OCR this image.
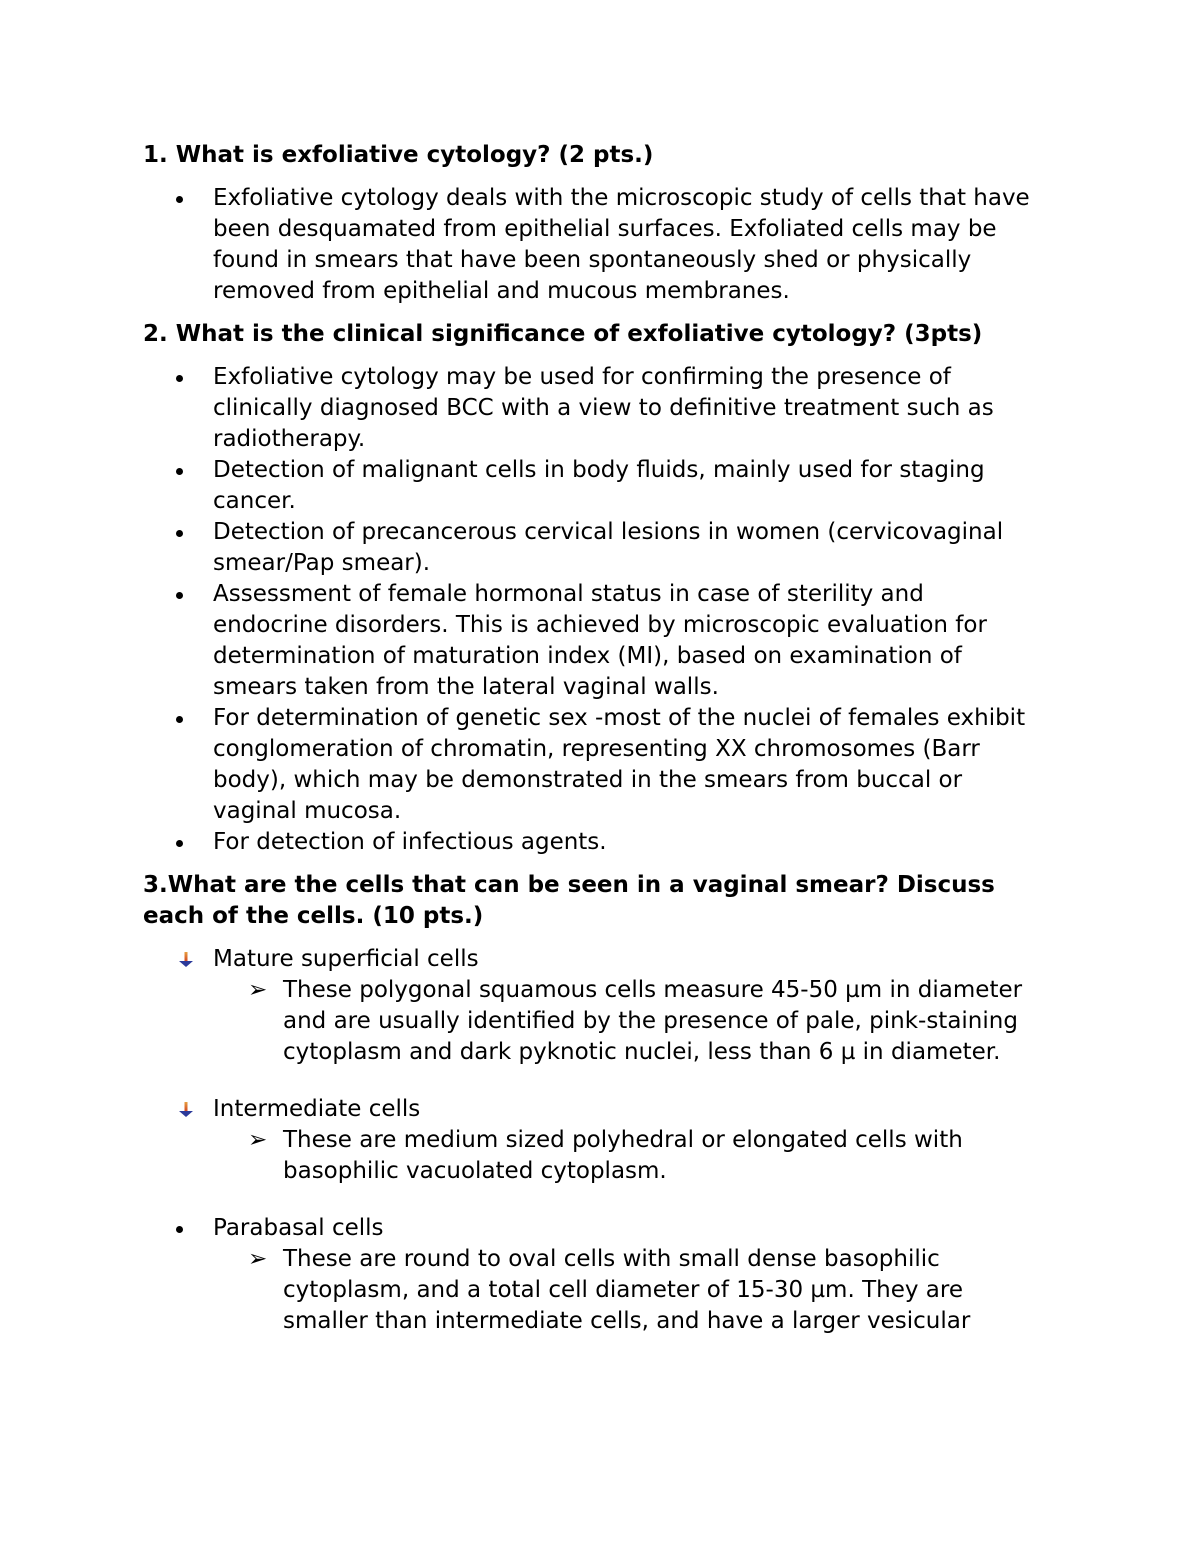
1. What is exfoliative cytology? (2 pts.)

Exfoliative cytology deals with the microscopic study of cells that have
been desquamated from epithelial surfaces. Exfoliated cells may be
found in smears that have been spontaneously shed or physically
removed from epithelial and mucous membranes.

2. What is the clinical significance of exfoliative cytology? (3pts)

Exfoliative cytology may be used for confirming the presence of
clinically diagnosed BCC with a view to definitive treatment such as
radiotherapy.
Detection of malignant cells in body fluids, mainly used for staging
cancer.
Detection of precancerous cervical lesions in women (cervicovaginal
smear/Pap smear).
Assessment of female hormonal status in case of sterility and
endocrine disorders. This is achieved by microscopic evaluation for
determination of maturation index (MI), based on examination of
smears taken from the lateral vaginal walls.
For determination of genetic sex -most of the nuclei of females exhibit
conglomeration of chromatin, representing XX chromosomes (Barr
body), which may be demonstrated in the smears from buccal or
vaginal mucosa.
For detection of infectious agents.

3.What are the cells that can be seen in a vaginal smear? Discuss
each of the cells. (10 pts.)

Mature superficial cells
➢ These polygonal squamous cells measure 45-50 µm in diameter
and are usually identified by the presence of pale, pink-staining
cytoplasm and dark pyknotic nuclei, less than 6 µ in diameter.
Intermediate cells
➢ These are medium sized polyhedral or elongated cells with
basophilic vacuolated cytoplasm.
Parabasal cells
➢ These are round to oval cells with small dense basophilic
cytoplasm, and a total cell diameter of 15-30 µm. They are
smaller than intermediate cells, and have a larger vesicular
